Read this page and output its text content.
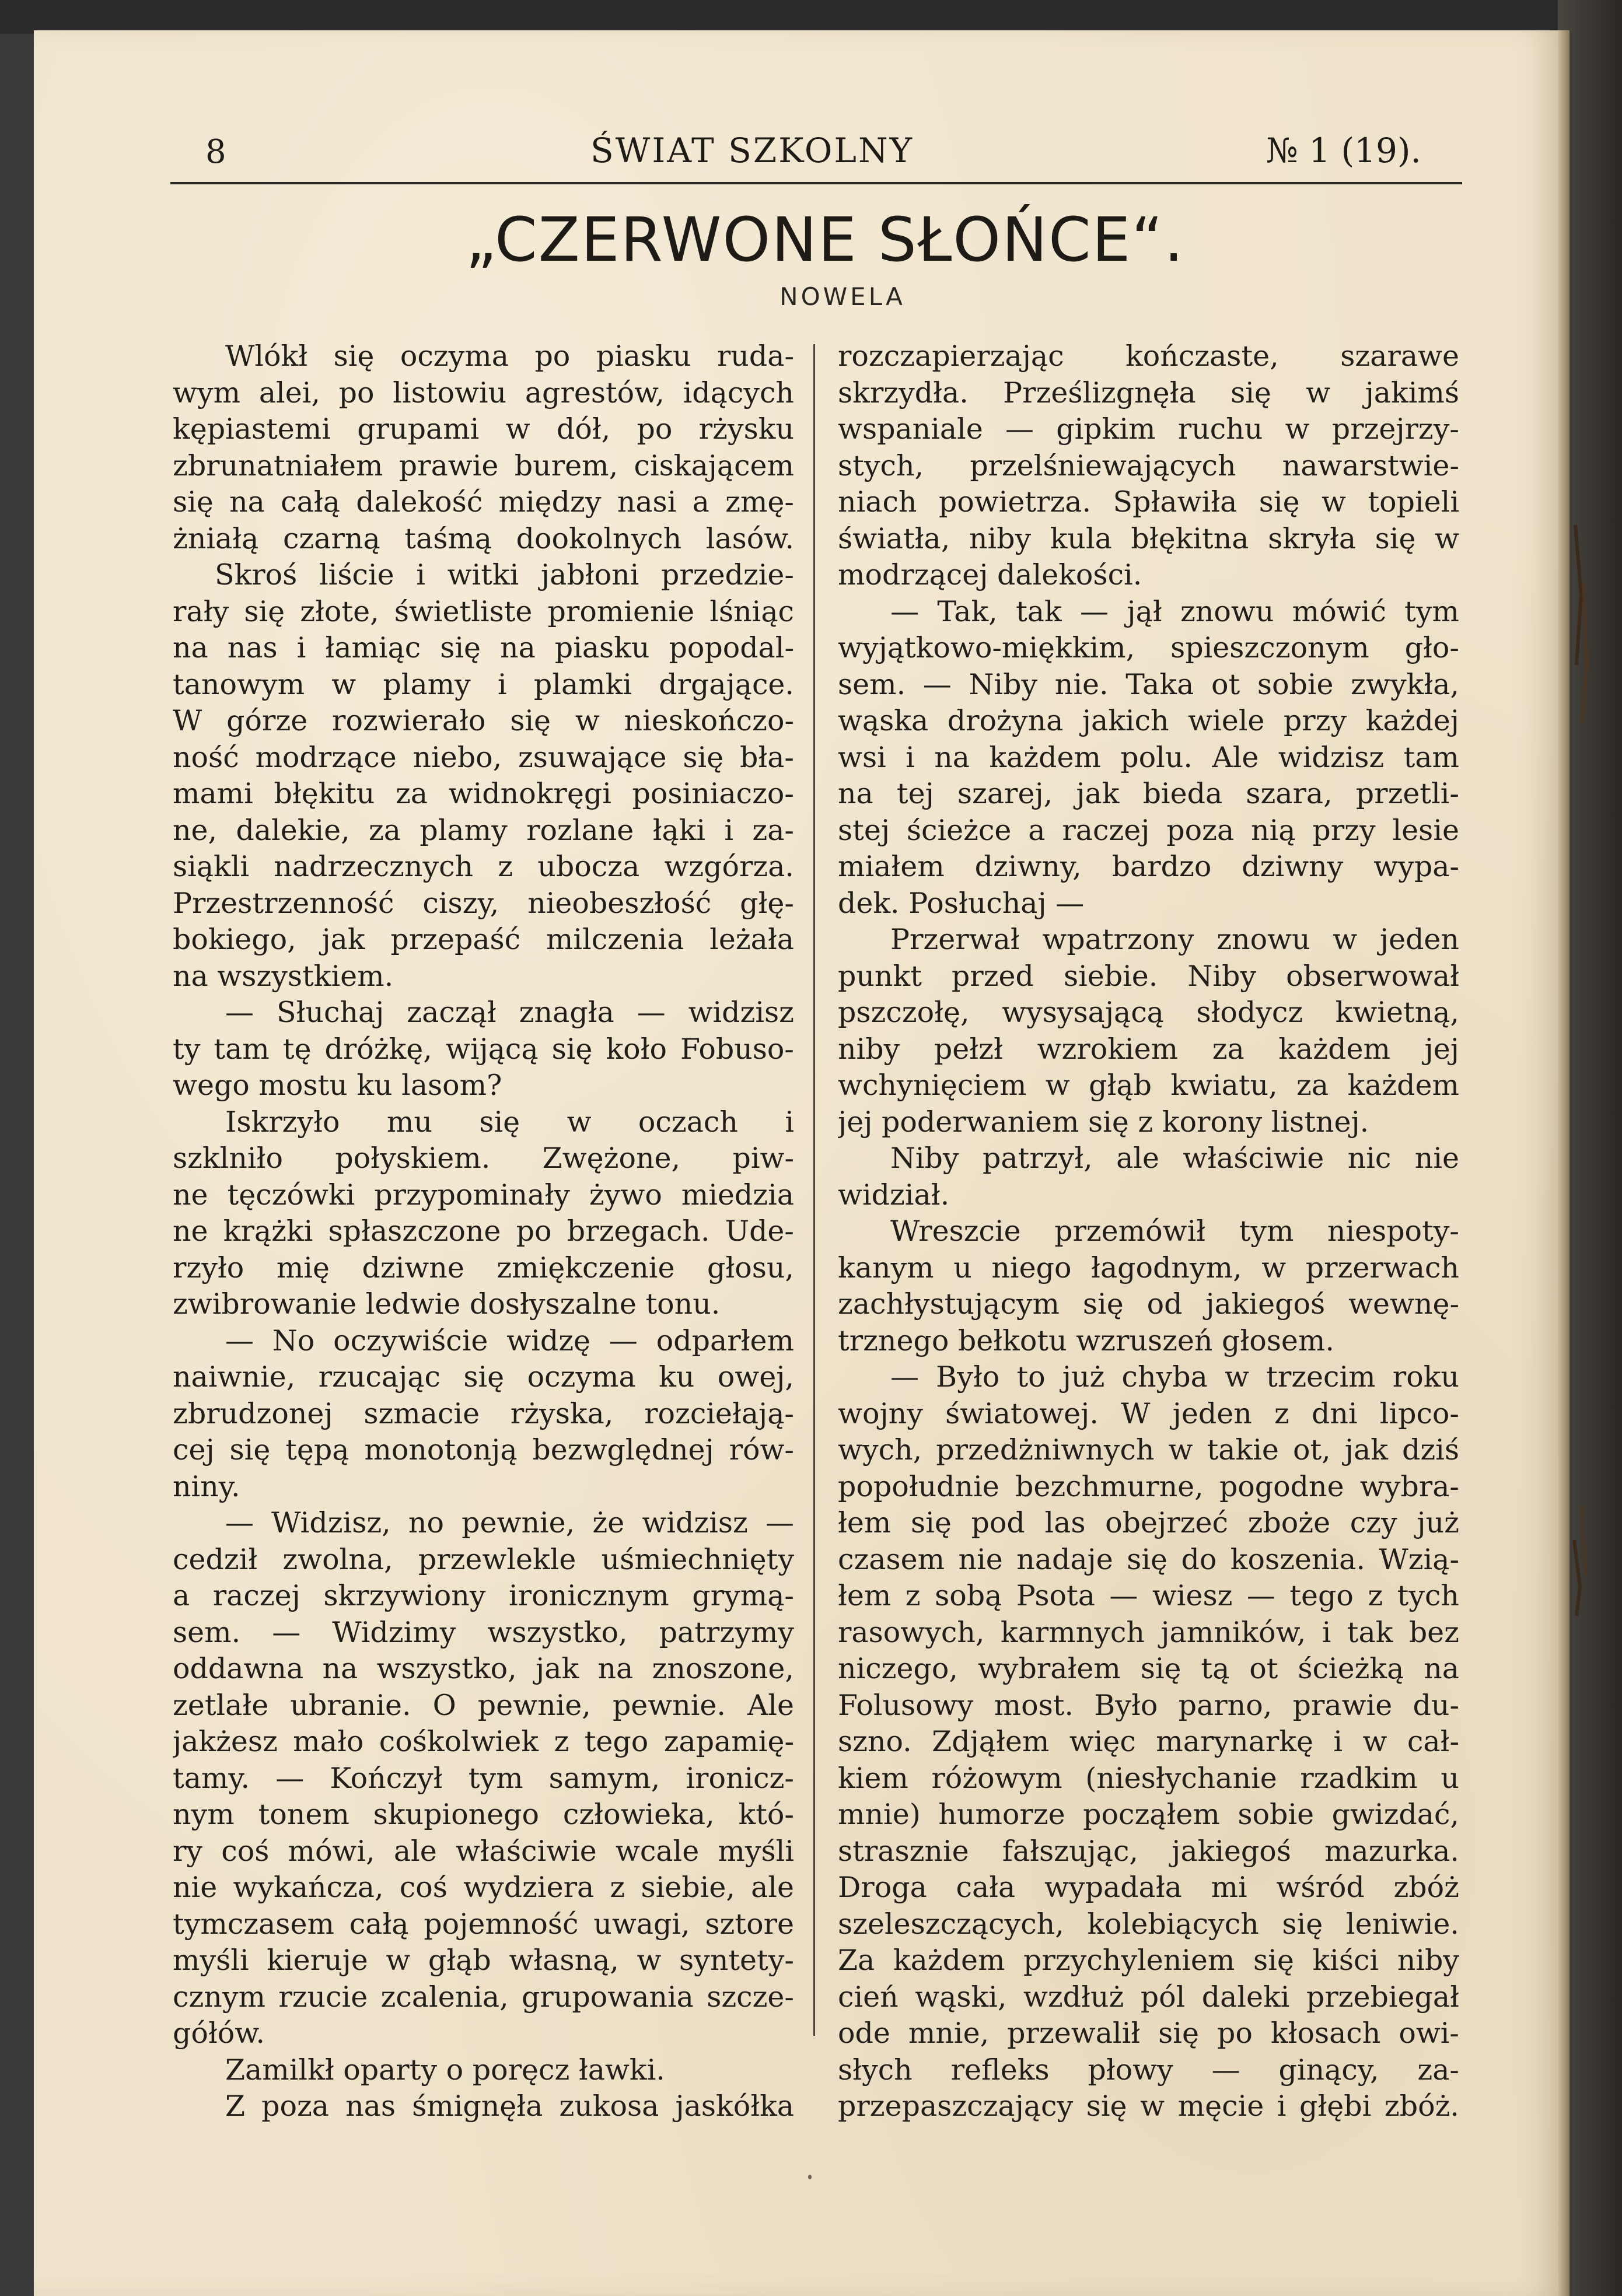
8	ŚWIAT SZKOLNY	№ 1 (19).
„CZERWONE SŁOŃCE“.
NOWELA
Wlókł się oczyma po piasku ruda-
wym alei, po listowiu agrestów, idących
kępiastemi grupami w dół, po rżysku
zbrunatniałem prawie burem, ciskającem
się na całą dalekość między nasi a zmę-
żniałą czarną taśmą dookolnych lasów.
Skroś liście i witki jabłoni przedzie-
rały się złote, świetliste promienie lśniąc
na nas i łamiąc się na piasku popodal-
tanowym w plamy i plamki drgające.
W górze rozwierało się w nieskończo-
ność modrzące niebo, zsuwające się bła-
mami błękitu za widnokręgi posiniaczo-
ne, dalekie, za plamy rozlane łąki i za-
siąkli nadrzecznych z ubocza wzgórza.
Przestrzenność ciszy, nieobeszłość głę-
bokiego, jak przepaść milczenia leżała
na wszystkiem.
— Słuchaj zaczął znagła — widzisz
ty tam tę dróżkę, wijącą się koło Fobuso-
wego mostu ku lasom?
Iskrzyło mu się w oczach i
szklniło połyskiem. Zwężone, piw-
ne tęczówki przypominały żywo miedzia
ne krążki spłaszczone po brzegach. Ude-
rzyło mię dziwne zmiękczenie głosu,
zwibrowanie ledwie dosłyszalne tonu.
— No oczywiście widzę — odparłem
naiwnie, rzucając się oczyma ku owej,
zbrudzonej szmacie rżyska, rozciełają-
cej się tępą monotonją bezwględnej rów-
niny.
— Widzisz, no pewnie, że widzisz —
cedził zwolna, przewlekle uśmiechnięty
a raczej skrzywiony ironicznym grymą-
sem. — Widzimy wszystko, patrzymy
oddawna na wszystko, jak na znoszone,
zetlałe ubranie. O pewnie, pewnie. Ale
jakżesz mało cośkolwiek z tego zapamię-
tamy. — Kończył tym samym, ironicz-
nym tonem skupionego człowieka, któ-
ry coś mówi, ale właściwie wcale myśli
nie wykańcza, coś wydziera z siebie, ale
tymczasem całą pojemność uwagi, sztore
myśli kieruje w głąb własną, w syntety-
cznym rzucie zcalenia, grupowania szcze-
gółów.
Zamilkł oparty o poręcz ławki.
Z poza nas śmignęła zukosa jaskółka
rozczapierzając kończaste, szarawe
skrzydła. Prześlizgnęła się w jakimś
wspaniale — gipkim ruchu w przejrzy-
stych, przelśniewających nawarstwie-
niach powietrza. Spławiła się w topieli
światła, niby kula błękitna skryła się w
modrzącej dalekości.
— Tak, tak — jął znowu mówić tym
wyjątkowo-miękkim, spieszczonym gło-
sem. — Niby nie. Taka ot sobie zwykła,
wąska drożyna jakich wiele przy każdej
wsi i na każdem polu. Ale widzisz tam
na tej szarej, jak bieda szara, przetli-
stej ścieżce a raczej poza nią przy lesie
miałem dziwny, bardzo dziwny wypa-
dek. Posłuchaj —
Przerwał wpatrzony znowu w jeden
punkt przed siebie. Niby obserwował
pszczołę, wysysającą słodycz kwietną,
niby pełzł wzrokiem za każdem jej
wchynięciem w głąb kwiatu, za każdem
jej poderwaniem się z korony listnej.
Niby patrzył, ale właściwie nic nie
widział.
Wreszcie przemówił tym niespoty-
kanym u niego łagodnym, w przerwach
zachłystującym się od jakiegoś wewnę-
trznego bełkotu wzruszeń głosem.
— Było to już chyba w trzecim roku
wojny światowej. W jeden z dni lipco-
wych, przedżniwnych w takie ot, jak dziś
popołudnie bezchmurne, pogodne wybra-
łem się pod las obejrzeć zboże czy już
czasem nie nadaje się do koszenia. Wzią-
łem z sobą Psota — wiesz — tego z tych
rasowych, karmnych jamników, i tak bez
niczego, wybrałem się tą ot ścieżką na
Folusowy most. Było parno, prawie du-
szno. Zdjąłem więc marynarkę i w cał-
kiem różowym (niesłychanie rzadkim u
mnie) humorze począłem sobie gwizdać,
strasznie fałszując, jakiegoś mazurka.
Droga cała wypadała mi wśród zbóż
szeleszczących, kolebiących się leniwie.
Za każdem przychyleniem się kiści niby
cień wąski, wzdłuż pól daleki przebiegał
ode mnie, przewalił się po kłosach owi-
słych refleks płowy — ginący, za-
przepaszczający się w męcie i głębi zbóż.
